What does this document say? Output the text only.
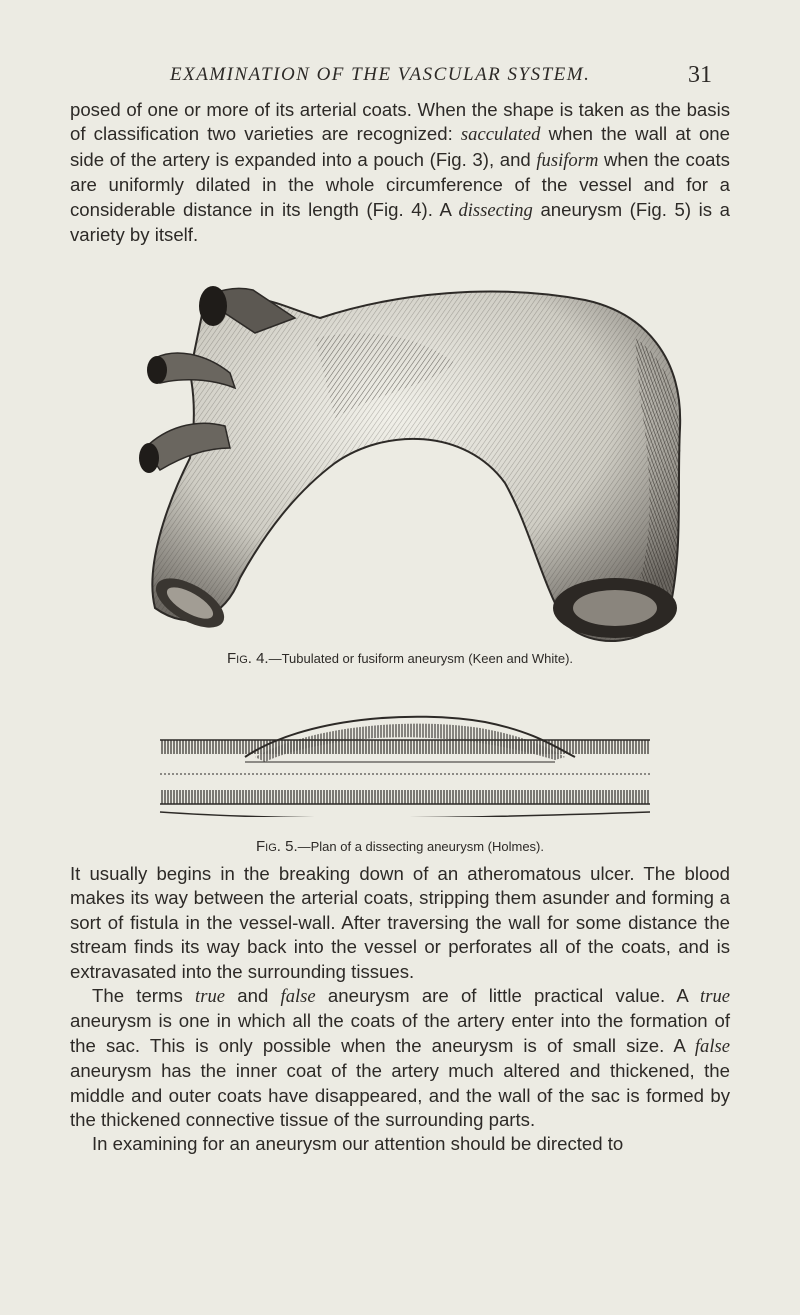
EXAMINATION OF THE VASCULAR SYSTEM.	31

posed of one or more of its arterial coats. When the shape is taken as the basis of classification two varieties are recognized: sacculated when the wall at one side of the artery is expanded into a pouch (Fig. 3), and fusiform when the coats are uniformly dilated in the whole circumference of the vessel and for a considerable distance in its length (Fig. 4). A dissecting aneurysm (Fig. 5) is a variety by itself.

Fig. 4.—Tubulated or fusiform aneurysm (Keen and White).
Fig. 5.—Plan of a dissecting aneurysm (Holmes).

It usually begins in the breaking down of an atheromatous ulcer. The blood makes its way between the arterial coats, stripping them asunder and forming a sort of fistula in the vessel-wall. After traversing the wall for some distance the stream finds its way back into the vessel or perforates all of the coats, and is extravasated into the surrounding tissues.

The terms true and false aneurysm are of little practical value. A true aneurysm is one in which all the coats of the artery enter into the formation of the sac. This is only possible when the aneurysm is of small size. A false aneurysm has the inner coat of the artery much altered and thickened, the middle and outer coats have disappeared, and the wall of the sac is formed by the thickened connective tissue of the surrounding parts.

In examining for an aneurysm our attention should be directed to
